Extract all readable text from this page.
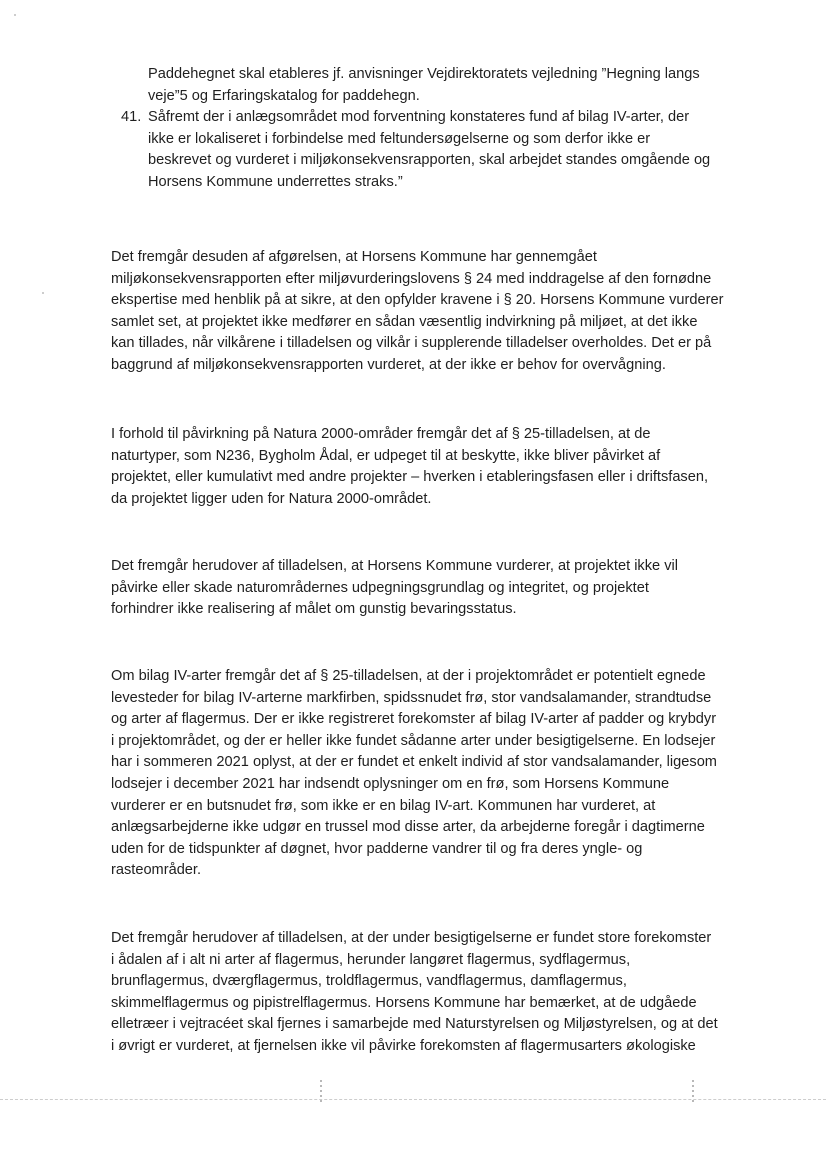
Paddehegnet skal etableres jf. anvisninger Vejdirektoratets vejledning ”Hegning langs
veje”5 og Erfaringskatalog for paddehegn.
41. Såfremt der i anlægsområdet mod forventning konstateres fund af bilag IV-arter, der
ikke er lokaliseret i forbindelse med feltundersøgelserne og som derfor ikke er
beskrevet og vurderet i miljøkonsekvensrapporten, skal arbejdet standes omgående og
Horsens Kommune underrettes straks.”
Det fremgår desuden af afgørelsen, at Horsens Kommune har gennemgået
miljøkonsekvensrapporten efter miljøvurderingslovens § 24 med inddragelse af den fornødne
ekspertise med henblik på at sikre, at den opfylder kravene i § 20. Horsens Kommune vurderer
samlet set, at projektet ikke medfører en sådan væsentlig indvirkning på miljøet, at det ikke
kan tillades, når vilkårene i tilladelsen og vilkår i supplerende tilladelser overholdes. Det er på
baggrund af miljøkonsekvensrapporten vurderet, at der ikke er behov for overvågning.
I forhold til påvirkning på Natura 2000-områder fremgår det af § 25-tilladelsen, at de
naturtyper, som N236, Bygholm Ådal, er udpeget til at beskytte, ikke bliver påvirket af
projektet, eller kumulativt med andre projekter – hverken i etableringsfasen eller i driftsfasen,
da projektet ligger uden for Natura 2000-området.
Det fremgår herudover af tilladelsen, at Horsens Kommune vurderer, at projektet ikke vil
påvirke eller skade naturområdernes udpegningsgrundlag og integritet, og projektet
forhindrer ikke realisering af målet om gunstig bevaringsstatus.
Om bilag IV-arter fremgår det af § 25-tilladelsen, at der i projektområdet er potentielt egnede
levesteder for bilag IV-arterne markfirben, spidssnudet frø, stor vandsalamander, strandtudse
og arter af flagermus. Der er ikke registreret forekomster af bilag IV-arter af padder og krybdyr
i projektområdet, og der er heller ikke fundet sådanne arter under besigtigelserne. En lodsejer
har i sommeren 2021 oplyst, at der er fundet et enkelt individ af stor vandsalamander, ligesom
lodsejer i december 2021 har indsendt oplysninger om en frø, som Horsens Kommune
vurderer er en butsnudet frø, som ikke er en bilag IV-art. Kommunen har vurderet, at
anlægsarbejderne ikke udgør en trussel mod disse arter, da arbejderne foregår i dagtimerne
uden for de tidspunkter af døgnet, hvor padderne vandrer til og fra deres yngle- og
rasteområder.
Det fremgår herudover af tilladelsen, at der under besigtigelserne er fundet store forekomster
i ådalen af i alt ni arter af flagermus, herunder langøret flagermus, sydflagermus,
brunflagermus, dværgflagermus, troldflagermus, vandflagermus, damflagermus,
skimmelflagermus og pipistrelflagermus. Horsens Kommune har bemærket, at de udgåede
elletræer i vejtracéet skal fjernes i samarbejde med Naturstyrelsen og Miljøstyrelsen, og at det
i øvrigt er vurderet, at fjernelsen ikke vil påvirke forekomsten af flagermusarters økologiske
